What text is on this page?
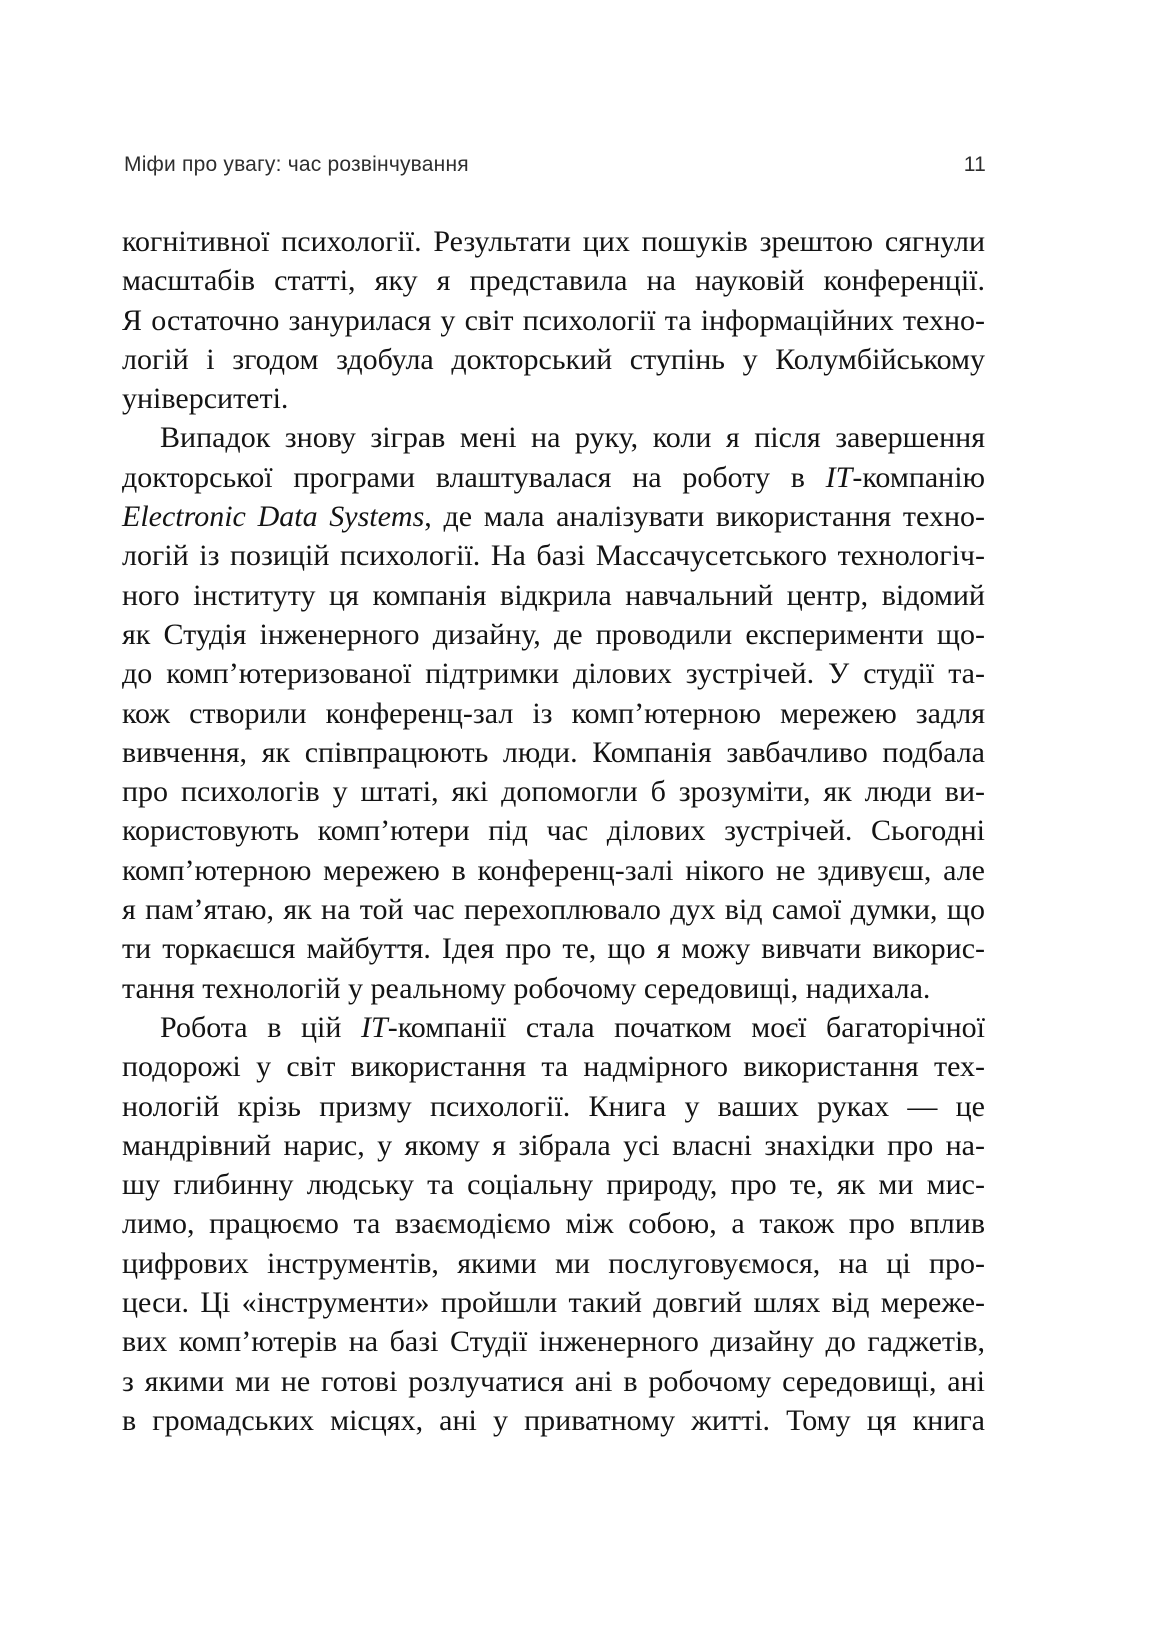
Міфи про увагу: час розвінчування	11
когнітивної психології. Результати цих пошуків зрештою сягнули
масштабів статті, яку я представила на науковій конференції.
Я остаточно занурилася у світ психології та інформаційних техно-
логій і згодом здобула докторський ступінь у Колумбійському
університеті.
Випадок знову зіграв мені на руку, коли я після завершення
докторської програми влаштувалася на роботу в ІТ-компанію
Electronic Data Systems, де мала аналізувати використання техно-
логій із позицій психології. На базі Массачусетського технологіч-
ного інституту ця компанія відкрила навчальний центр, відомий
як Студія інженерного дизайну, де проводили експерименти що-
до комп’ютеризованої підтримки ділових зустрічей. У студії та-
кож створили конференц-зал із комп’ютерною мережею задля
вивчення, як співпрацюють люди. Компанія завбачливо подбала
про психологів у штаті, які допомогли б зрозуміти, як люди ви-
користовують комп’ютери під час ділових зустрічей. Сьогодні
комп’ютерною мережею в конференц-залі нікого не здивуєш, але
я пам’ятаю, як на той час перехоплювало дух від самої думки, що
ти торкаєшся майбуття. Ідея про те, що я можу вивчати викорис-
тання технологій у реальному робочому середовищі, надихала.
Робота в цій ІТ-компанії стала початком моєї багаторічної
подорожі у світ використання та надмірного використання тех-
нологій крізь призму психології. Книга у ваших руках — це
мандрівний нарис, у якому я зібрала усі власні знахідки про на-
шу глибинну людську та соціальну природу, про те, як ми мис-
лимо, працюємо та взаємодіємо між собою, а також про вплив
цифрових інструментів, якими ми послуговуємося, на ці про-
цеси. Ці «інструменти» пройшли такий довгий шлях від мереже-
вих комп’ютерів на базі Студії інженерного дизайну до гаджетів,
з якими ми не готові розлучатися ані в робочому середовищі, ані
в громадських місцях, ані у приватному житті. Тому ця книга
